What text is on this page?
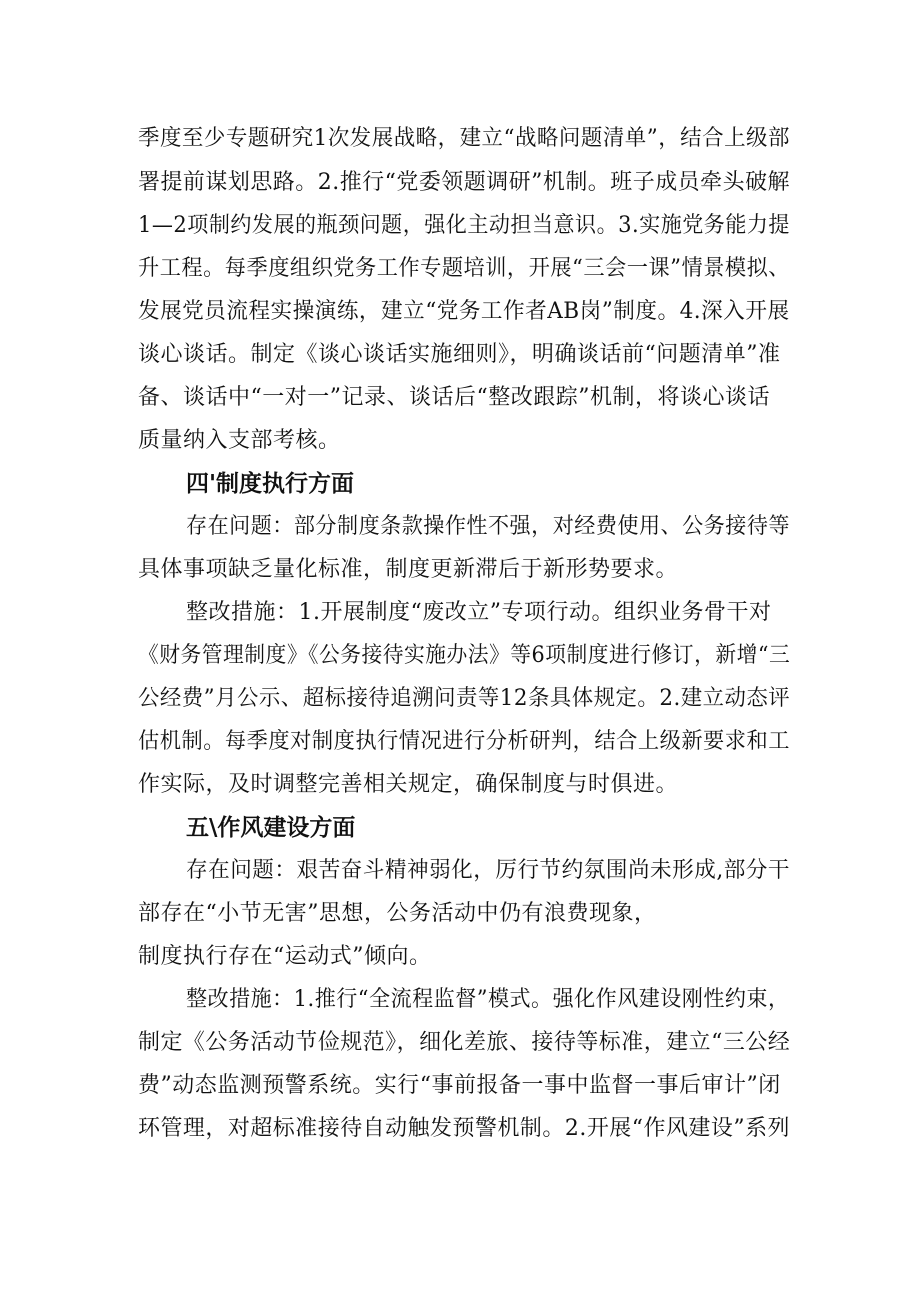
季度至少专题研究1次发展战略，建立“战略问题清单”，结合上级部
署提前谋划思路。2.推行“党委领题调研”机制。班子成员牵头破解
1—2项制约发展的瓶颈问题，强化主动担当意识。3.实施党务能力提
升工程。每季度组织党务工作专题培训，开展“三会一课”情景模拟、
发展党员流程实操演练，建立“党务工作者AB岗”制度。4.深入开展
谈心谈话。制定《谈心谈话实施细则》，明确谈话前“问题清单”准
备、谈话中“一对一”记录、谈话后“整改跟踪”机制，将谈心谈话
质量纳入支部考核。
四'制度执行方面
存在问题：部分制度条款操作性不强，对经费使用、公务接待等
具体事项缺乏量化标准，制度更新滞后于新形势要求。
整改措施：1.开展制度“废改立”专项行动。组织业务骨干对
《财务管理制度》《公务接待实施办法》等6项制度进行修订，新增“三
公经费”月公示、超标接待追溯问责等12条具体规定。2.建立动态评
估机制。每季度对制度执行情况进行分析研判，结合上级新要求和工
作实际，及时调整完善相关规定，确保制度与时俱进。
五\作风建设方面
存在问题：艰苦奋斗精神弱化，厉行节约氛围尚未形成,部分干
部存在“小节无害”思想，公务活动中仍有浪费现象，
制度执行存在“运动式”倾向。
整改措施：1.推行“全流程监督”模式。强化作风建设刚性约束，
制定《公务活动节俭规范》，细化差旅、接待等标准，建立“三公经
费”动态监测预警系统。实行“事前报备一事中监督一事后审计”闭
环管理，对超标准接待自动触发预警机制。2.开展“作风建设”系列
